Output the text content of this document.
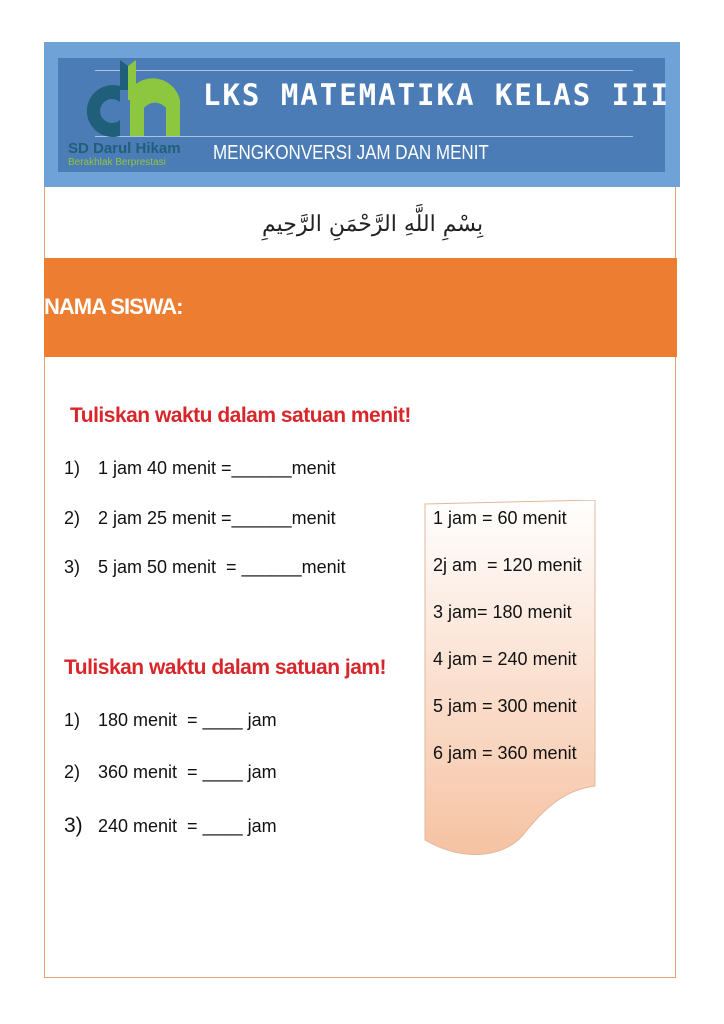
SD Darul Hikam
Berakhlak Berprestasi
LKS MATEMATIKA KELAS III
MENGKONVERSI JAM DAN MENIT
بِسْمِ اللَّهِ الرَّحْمَنِ الرَّحِيمِ
NAMA SISWA:
Tuliskan waktu dalam satuan menit!
1) 1 jam 40 menit =______menit
2) 2 jam 25 menit =______menit
3) 5 jam 50 menit  = ______menit
Tuliskan waktu dalam satuan jam!
1) 180 menit  = ____ jam
2) 360 menit  = ____ jam
3) 240 menit  = ____ jam
1 jam = 60 menit
2j am  = 120 menit
3 jam= 180 menit
4 jam = 240 menit
5 jam = 300 menit
6 jam = 360 menit
